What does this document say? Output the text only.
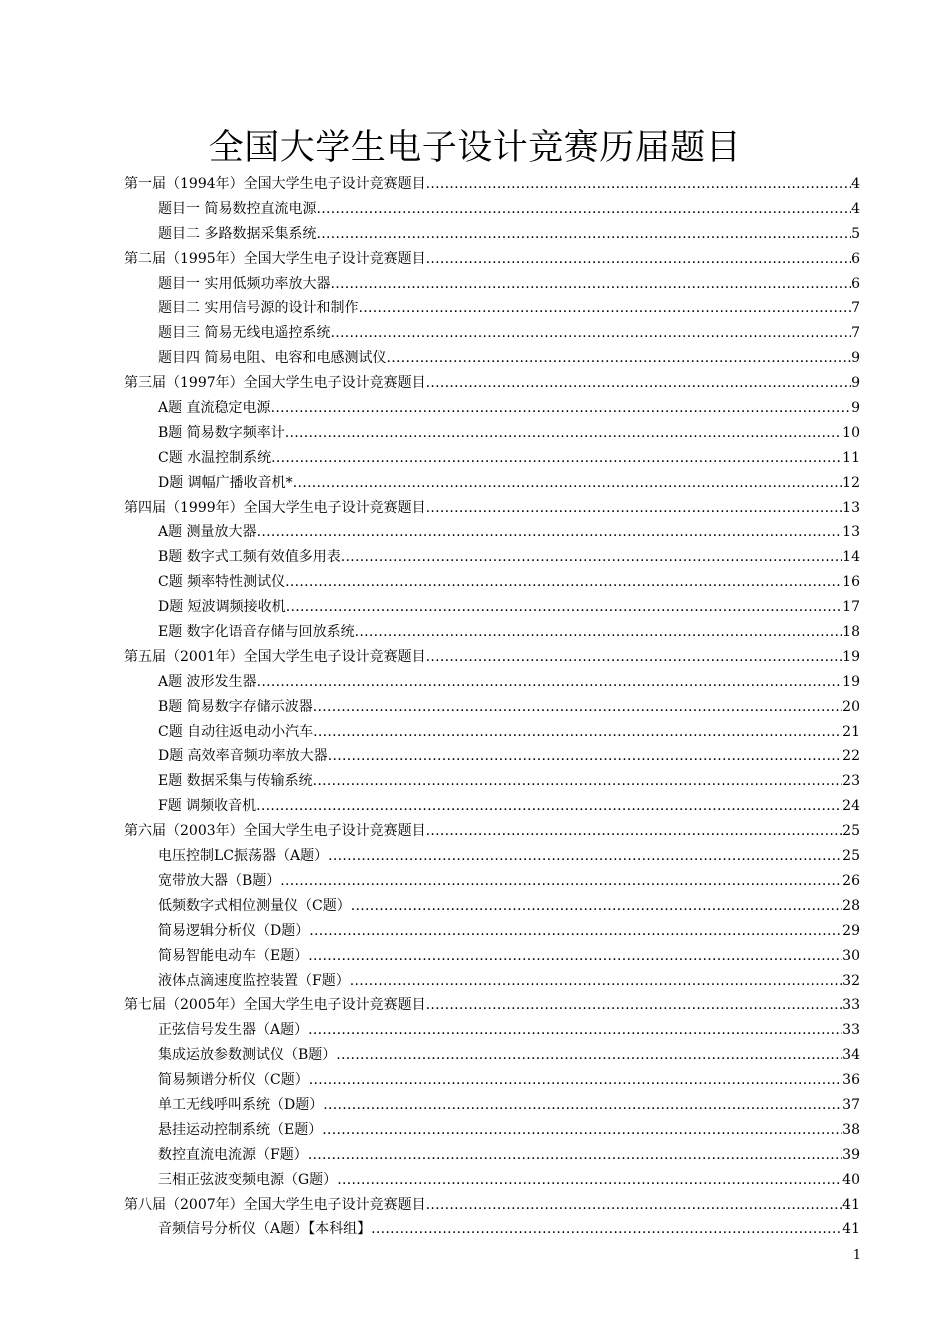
全国大学生电子设计竞赛历届题目
第一届（1994年）全国大学生电子设计竞赛题目 .....	4
题目一 简易数控直流电源 .....	4
题目二 多路数据采集系统 .....	5
第二届（1995年）全国大学生电子设计竞赛题目 .....	6
题目一 实用低频功率放大器 .....	6
题目二 实用信号源的设计和制作 .....	7
题目三 简易无线电遥控系统 .....	7
题目四 简易电阻、电容和电感测试仪 .....	9
第三届（1997年）全国大学生电子设计竞赛题目 .....	9
A题 直流稳定电源 .....	9
B题 简易数字频率计 .....	10
C题 水温控制系统 .....	11
D题 调幅广播收音机* .....	12
第四届（1999年）全国大学生电子设计竞赛题目 .....	13
A题 测量放大器 .....	13
B题 数字式工频有效值多用表 .....	14
C题 频率特性测试仪 .....	16
D题 短波调频接收机 .....	17
E题 数字化语音存储与回放系统 .....	18
第五届（2001年）全国大学生电子设计竞赛题目 .....	19
A题 波形发生器 .....	19
B题 简易数字存储示波器 .....	20
C题 自动往返电动小汽车 .....	21
D题 高效率音频功率放大器 .....	22
E题 数据采集与传输系统 .....	23
F题 调频收音机 .....	24
第六届（2003年）全国大学生电子设计竞赛题目 .....	25
电压控制LC振荡器（A题） .....	25
宽带放大器（B题） .....	26
低频数字式相位测量仪（C题） .....	28
简易逻辑分析仪（D题） .....	29
简易智能电动车（E题） .....	30
液体点滴速度监控装置（F题） .....	32
第七届（2005年）全国大学生电子设计竞赛题目 .....	33
正弦信号发生器（A题） .....	33
集成运放参数测试仪（B题） .....	34
简易频谱分析仪（C题） .....	36
单工无线呼叫系统（D题） .....	37
悬挂运动控制系统（E题） .....	38
数控直流电流源（F题） .....	39
三相正弦波变频电源（G题） .....	40
第八届（2007年）全国大学生电子设计竞赛题目 .....	41
音频信号分析仪（A题）【本科组】 .....	41
1
